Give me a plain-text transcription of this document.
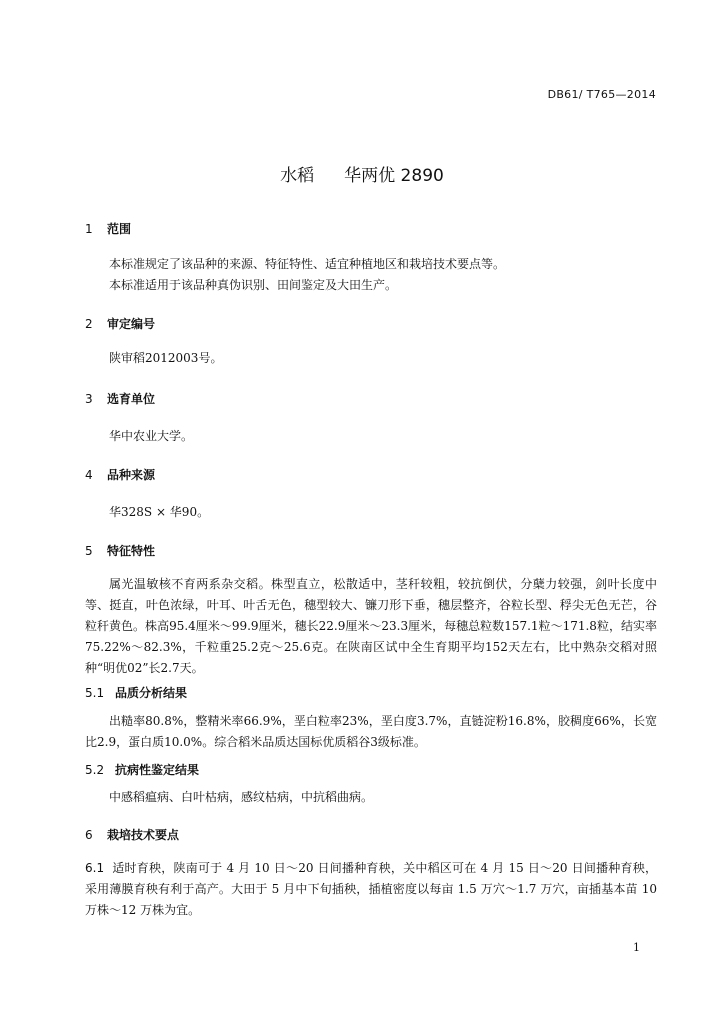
DB61/ T765—2014
水稻 华两优 2890
1 范围

本标准规定了该品种的来源、特征特性、适宜种植地区和栽培技术要点等。

本标准适用于该品种真伪识别、田间鉴定及大田生产。

2 审定编号

陕审稻2012003号。

3 选育单位

华中农业大学。

4 品种来源

华328S × 华90。

5 特征特性

属光温敏核不育两系杂交稻。株型直立，松散适中，茎秆较粗，较抗倒伏，分蘖力较强，剑叶长度中等、挺直，叶色浓绿，叶耳、叶舌无色，穗型较大、镰刀形下垂，穗层整齐，谷粒长型、稃尖无色无芒，谷粒秆黄色。株高95.4厘米～99.9厘米，穗长22.9厘米～23.3厘米，每穗总粒数157.1粒～171.8粒，结实率75.22%～82.3%，千粒重25.2克～25.6克。在陕南区试中全生育期平均152天左右，比中熟杂交稻对照种“明优02”长2.7天。

5.1 品质分析结果

出糙率80.8%，整精米率66.9%，垩白粒率23%，垩白度3.7%，直链淀粉16.8%，胶稠度66%，长宽比2.9，蛋白质10.0%。综合稻米品质达国标优质稻谷3级标准。

5.2 抗病性鉴定结果

中感稻瘟病、白叶枯病，感纹枯病，中抗稻曲病。

6 栽培技术要点

6.1 适时育秧，陕南可于 4 月 10 日～20 日间播种育秧，关中稻区可在 4 月 15 日～20 日间播种育秧，采用薄膜育秧有利于高产。大田于 5 月中下旬插秧，插植密度以每亩 1.5 万穴～1.7 万穴，亩插基本苗 10 万株～12 万株为宜。

1
